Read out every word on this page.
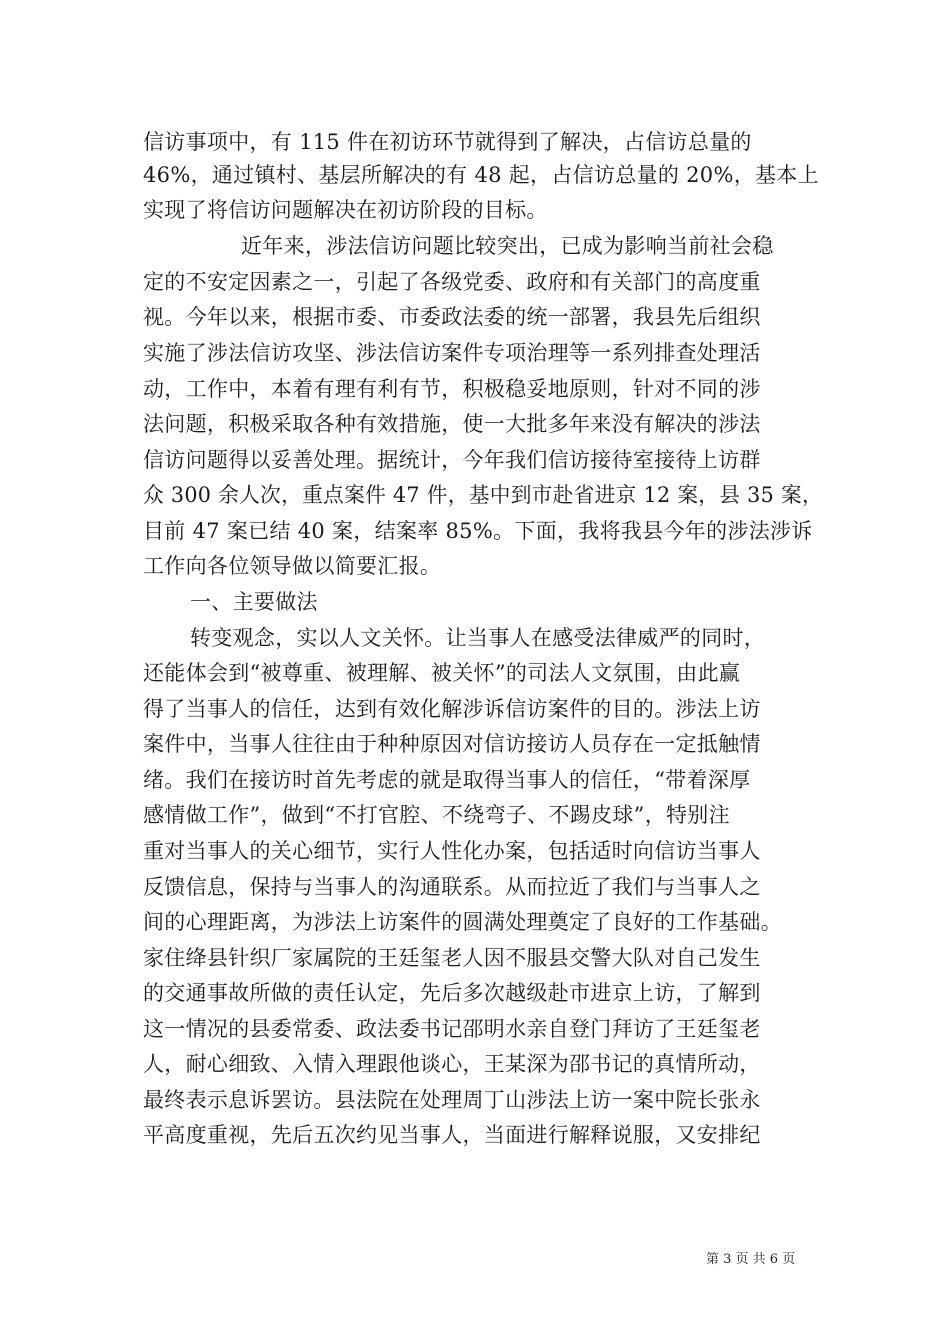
信访事项中，有 115 件在初访环节就得到了解决，占信访总量的
46%，通过镇村、基层所解决的有 48 起，占信访总量的 20%，基本上
实现了将信访问题解决在初访阶段的目标。
近年来，涉法信访问题比较突出，已成为影响当前社会稳
定的不安定因素之一，引起了各级党委、政府和有关部门的高度重
视。今年以来，根据市委、市委政法委的统一部署，我县先后组织
实施了涉法信访攻坚、涉法信访案件专项治理等一系列排查处理活
动，工作中，本着有理有利有节，积极稳妥地原则，针对不同的涉
法问题，积极采取各种有效措施，使一大批多年来没有解决的涉法
信访问题得以妥善处理。据统计，今年我们信访接待室接待上访群
众 300 余人次，重点案件 47 件，基中到市赴省进京 12 案，县 35 案，
目前 47 案已结 40 案，结案率 85%。下面，我将我县今年的涉法涉诉
工作向各位领导做以简要汇报。
一、主要做法
转变观念，实以人文关怀。让当事人在感受法律威严的同时，
还能体会到“被尊重、被理解、被关怀”的司法人文氛围，由此赢
得了当事人的信任，达到有效化解涉诉信访案件的目的。涉法上访
案件中，当事人往往由于种种原因对信访接访人员存在一定抵触情
绪。我们在接访时首先考虑的就是取得当事人的信任，“带着深厚
感情做工作”，做到“不打官腔、不绕弯子、不踢皮球”，特别注
重对当事人的关心细节，实行人性化办案，包括适时向信访当事人
反馈信息，保持与当事人的沟通联系。从而拉近了我们与当事人之
间的心理距离，为涉法上访案件的圆满处理奠定了良好的工作基础。
家住绛县针织厂家属院的王廷玺老人因不服县交警大队对自己发生
的交通事故所做的责任认定，先后多次越级赴市进京上访，了解到
这一情况的县委常委、政法委书记邵明水亲自登门拜访了王廷玺老
人，耐心细致、入情入理跟他谈心，王某深为邵书记的真情所动，
最终表示息诉罢访。县法院在处理周丁山涉法上访一案中院长张永
平高度重视，先后五次约见当事人，当面进行解释说服，又安排纪
第 3 页 共 6 页
